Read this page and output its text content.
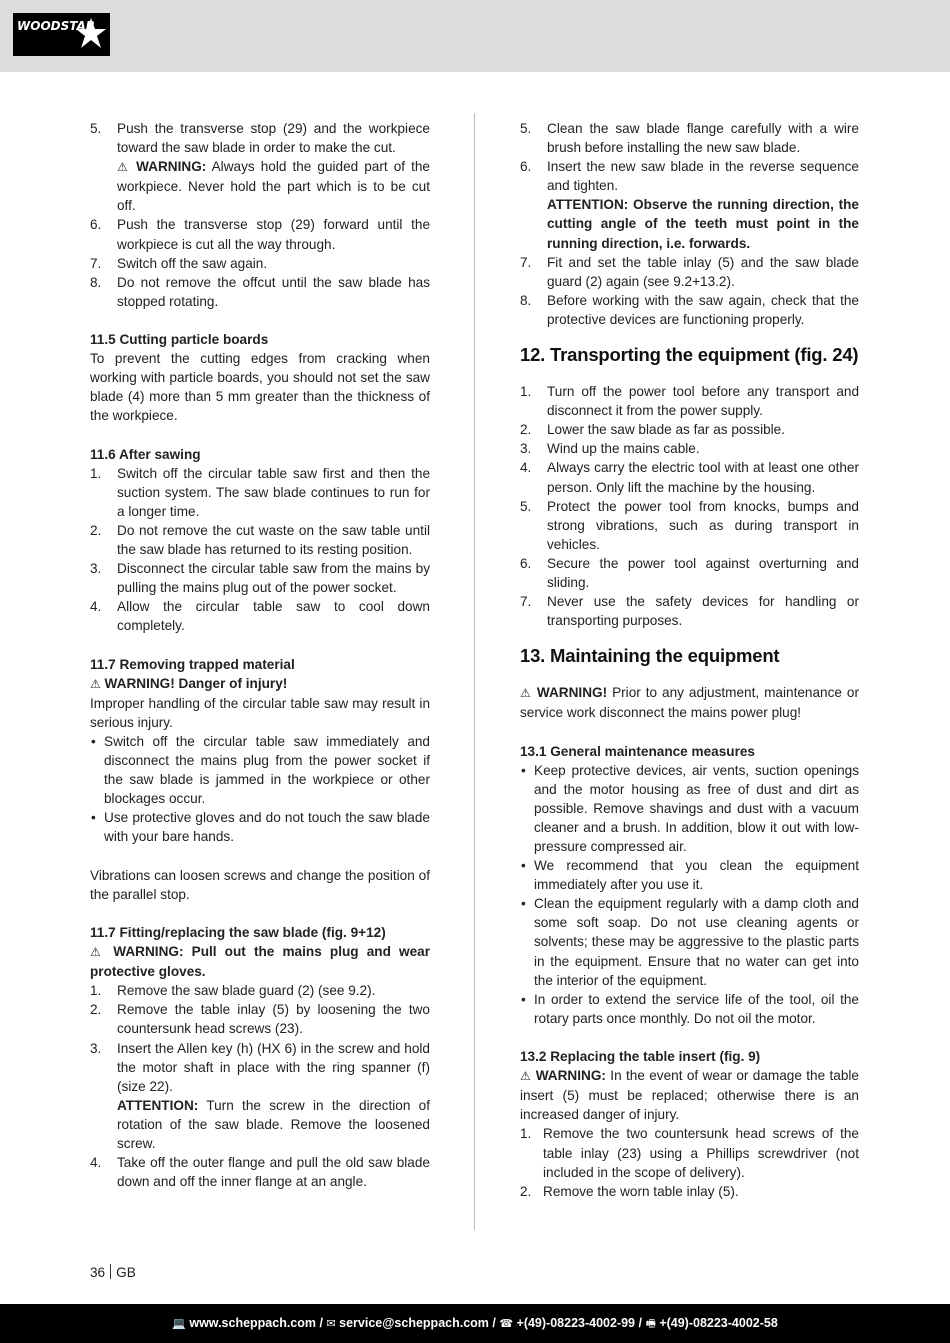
WOODSTAR
5. Push the transverse stop (29) and the workpiece toward the saw blade in order to make the cut.
⚠ WARNING: Always hold the guided part of the workpiece. Never hold the part which is to be cut off.
6. Push the transverse stop (29) forward until the workpiece is cut all the way through.
7. Switch off the saw again.
8. Do not remove the offcut until the saw blade has stopped rotating.

11.5 Cutting particle boards

To prevent the cutting edges from cracking when working with particle boards, you should not set the saw blade (4) more than 5 mm greater than the thickness of the workpiece.

11.6 After sawing

1. Switch off the circular table saw first and then the suction system. The saw blade continues to run for a longer time.
2. Do not remove the cut waste on the saw table until the saw blade has returned to its resting position.
3. Disconnect the circular table saw from the mains by pulling the mains plug out of the power socket.
4. Allow the circular table saw to cool down completely.

11.7 Removing trapped material

⚠ WARNING! Danger of injury!

Improper handling of the circular table saw may result in serious injury.

• Switch off the circular table saw immediately and disconnect the mains plug from the power socket if the saw blade is jammed in the workpiece or other blockages occur.
• Use protective gloves and do not touch the saw blade with your bare hands.

Vibrations can loosen screws and change the position of the parallel stop.

11.7 Fitting/replacing the saw blade (fig. 9+12)

⚠ WARNING: Pull out the mains plug and wear protective gloves.

1. Remove the saw blade guard (2) (see 9.2).
2. Remove the table inlay (5) by loosening the two countersunk head screws (23).
3. Insert the Allen key (h) (HX 6) in the screw and hold the motor shaft in place with the ring spanner (f) (size 22).
ATTENTION: Turn the screw in the direction of rotation of the saw blade. Remove the loosened screw.
4. Take off the outer flange and pull the old saw blade down and off the inner flange at an angle.
5. Clean the saw blade flange carefully with a wire brush before installing the new saw blade.
6. Insert the new saw blade in the reverse sequence and tighten.
ATTENTION: Observe the running direction, the cutting angle of the teeth must point in the running direction, i.e. forwards.
7. Fit and set the table inlay (5) and the saw blade guard (2) again (see 9.2+13.2).
8. Before working with the saw again, check that the protective devices are functioning properly.
12. Transporting the equipment (fig. 24)
1. Turn off the power tool before any transport and disconnect it from the power supply.
2. Lower the saw blade as far as possible.
3. Wind up the mains cable.
4. Always carry the electric tool with at least one other person. Only lift the machine by the housing.
5. Protect the power tool from knocks, bumps and strong vibrations, such as during transport in vehicles.
6. Secure the power tool against overturning and sliding.
7. Never use the safety devices for handling or transporting purposes.
13. Maintaining the equipment

⚠ WARNING! Prior to any adjustment, maintenance or service work disconnect the mains power plug!

13.1 General maintenance measures

• Keep protective devices, air vents, suction openings and the motor housing as free of dust and dirt as possible. Remove shavings and dust with a vacuum cleaner and a brush. In addition, blow it out with low-pressure compressed air.
• We recommend that you clean the equipment immediately after you use it.
• Clean the equipment regularly with a damp cloth and some soft soap. Do not use cleaning agents or solvents; these may be aggressive to the plastic parts in the equipment. Ensure that no water can get into the interior of the equipment.
• In order to extend the service life of the tool, oil the rotary parts once monthly. Do not oil the motor.

13.2 Replacing the table insert (fig. 9)

⚠ WARNING: In the event of wear or damage the table insert (5) must be replaced; otherwise there is an increased danger of injury.

1. Remove the two countersunk head screws of the table inlay (23) using a Phillips screwdriver (not included in the scope of delivery).
2. Remove the worn table inlay (5).
36 GB
💻 www.scheppach.com / ✉ service@scheppach.com / ☎ +(49)-08223-4002-99 / 🖷 +(49)-08223-4002-58
